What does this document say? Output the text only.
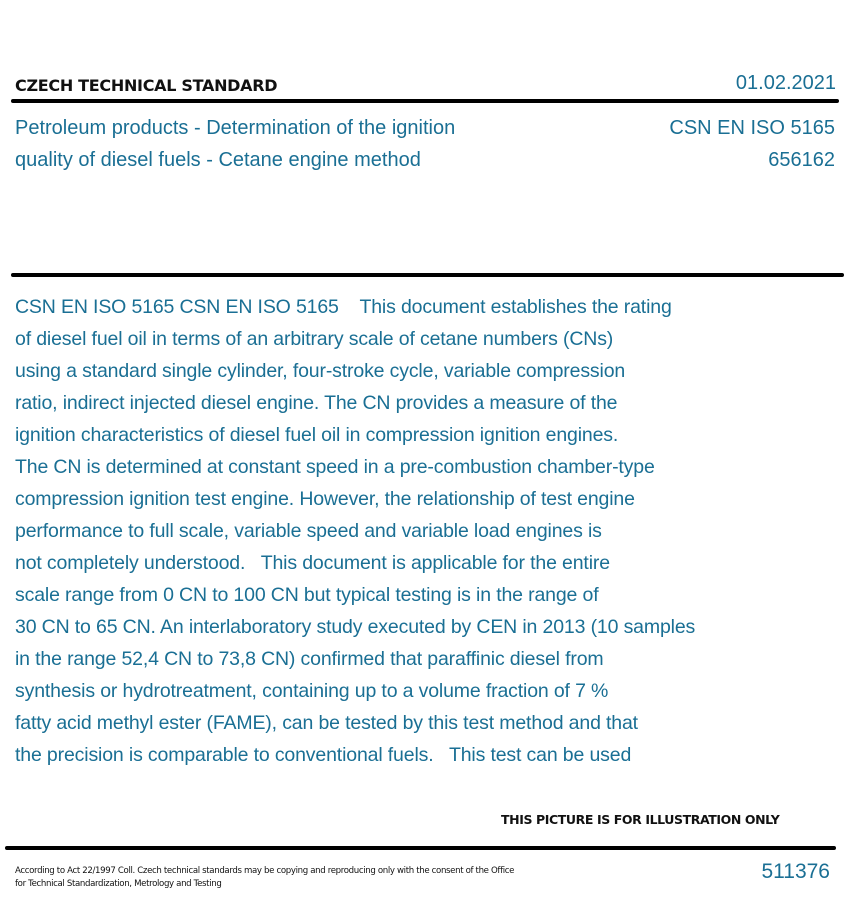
CZECH TECHNICAL STANDARD	01.02.2021
Petroleum products - Determination of the ignition
quality of diesel fuels - Cetane engine method
CSN EN ISO 5165
656162
CSN EN ISO 5165 CSN EN ISO 5165    This document establishes the rating
of diesel fuel oil in terms of an arbitrary scale of cetane numbers (CNs)
using a standard single cylinder, four-stroke cycle, variable compression
ratio, indirect injected diesel engine. The CN provides a measure of the
ignition characteristics of diesel fuel oil in compression ignition engines.
The CN is determined at constant speed in a pre-combustion chamber-type
compression ignition test engine. However, the relationship of test engine
performance to full scale, variable speed and variable load engines is
not completely understood.   This document is applicable for the entire
scale range from 0 CN to 100 CN but typical testing is in the range of
30 CN to 65 CN. An interlaboratory study executed by CEN in 2013 (10 samples
in the range 52,4 CN to 73,8 CN) confirmed that paraffinic diesel from
synthesis or hydrotreatment, containing up to a volume fraction of 7 %
fatty acid methyl ester (FAME), can be tested by this test method and that
the precision is comparable to conventional fuels.   This test can be used
THIS PICTURE IS FOR ILLUSTRATION ONLY
According to Act 22/1997 Coll. Czech technical standards may be copying and reproducing only with the consent of the Office
for Technical Standardization, Metrology and Testing
511376
